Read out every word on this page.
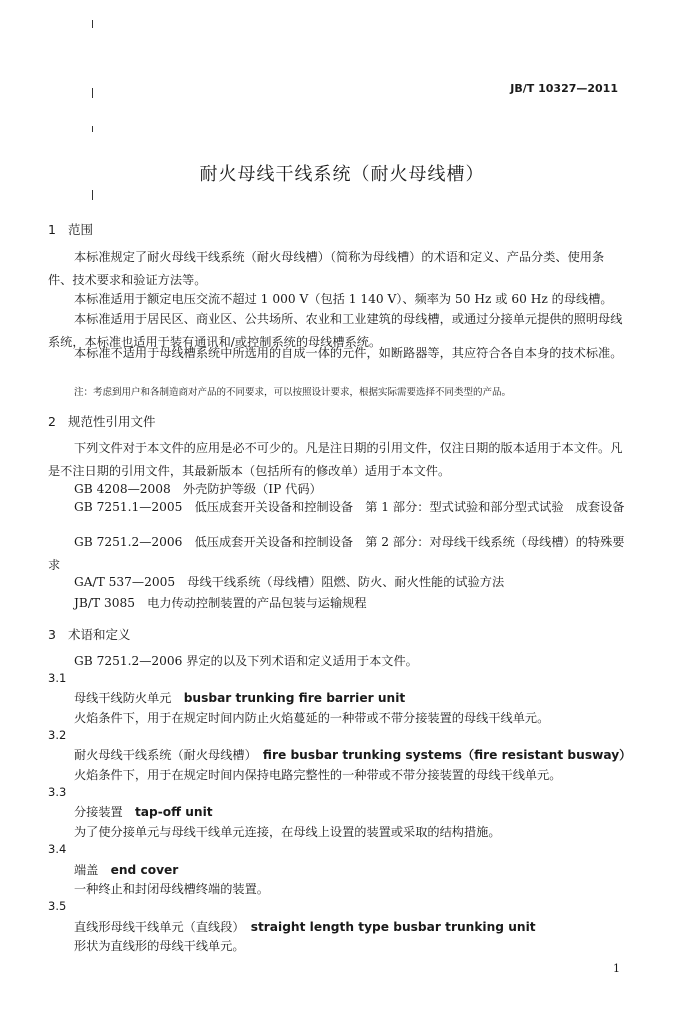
JB/T 10327—2011
耐火母线干线系统（耐火母线槽）
1 范围
本标准规定了耐火母线干线系统（耐火母线槽）（简称为母线槽）的术语和定义、产品分类、使用条件、技术要求和验证方法等。
本标准适用于额定电压交流不超过 1 000 V（包括 1 140 V）、频率为 50 Hz 或 60 Hz 的母线槽。
本标准适用于居民区、商业区、公共场所、农业和工业建筑的母线槽，或通过分接单元提供的照明母线系统，本标准也适用于装有通讯和/或控制系统的母线槽系统。
本标准不适用于母线槽系统中所选用的自成一体的元件，如断路器等，其应符合各自本身的技术标准。
注：考虑到用户和各制造商对产品的不同要求，可以按照设计要求，根据实际需要选择不同类型的产品。
2 规范性引用文件
下列文件对于本文件的应用是必不可少的。凡是注日期的引用文件，仅注日期的版本适用于本文件。凡是不注日期的引用文件，其最新版本（包括所有的修改单）适用于本文件。
GB 4208—2008　外壳防护等级（IP 代码）
GB 7251.1—2005　低压成套开关设备和控制设备　第 1 部分：型式试验和部分型式试验　成套设备
GB 7251.2—2006　低压成套开关设备和控制设备　第 2 部分：对母线干线系统（母线槽）的特殊要求
GA/T 537—2005　母线干线系统（母线槽）阻燃、防火、耐火性能的试验方法
JB/T 3085　电力传动控制装置的产品包装与运输规程
3 术语和定义
GB 7251.2—2006 界定的以及下列术语和定义适用于本文件。
3.1
母线干线防火单元　 busbar trunking fire barrier unit
火焰条件下，用于在规定时间内防止火焰蔓延的一种带或不带分接装置的母线干线单元。
3.2
耐火母线干线系统（耐火母线槽）　 fire busbar trunking systems（fire resistant busway）
火焰条件下，用于在规定时间内保持电路完整性的一种带或不带分接装置的母线干线单元。
3.3
分接装置　 tap-off unit
为了使分接单元与母线干线单元连接，在母线上设置的装置或采取的结构措施。
3.4
端盖　 end cover
一种终止和封闭母线槽终端的装置。
3.5
直线形母线干线单元（直线段）　 straight length type busbar trunking unit
形状为直线形的母线干线单元。
1
